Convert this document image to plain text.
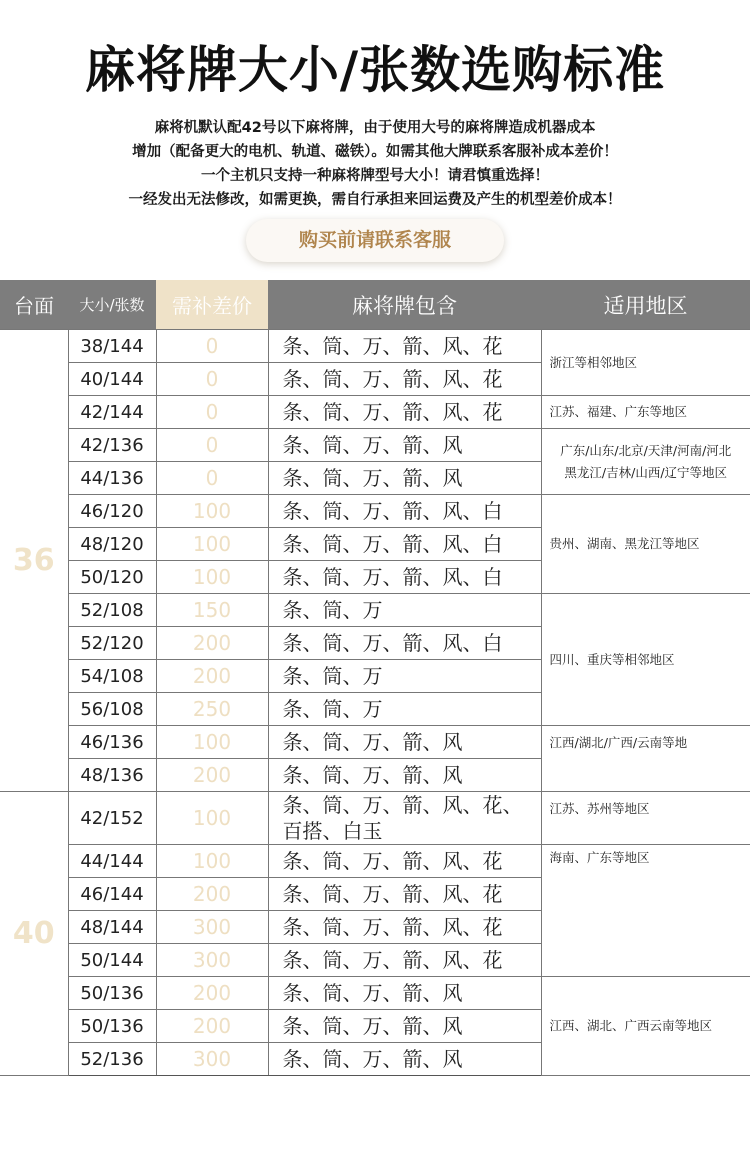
麻将牌大小/张数选购标准
麻将机默认配42号以下麻将牌，由于使用大号的麻将牌造成机器成本
增加（配备更大的电机、轨道、磁铁）。如需其他大牌联系客服补成本差价！
一个主机只支持一种麻将牌型号大小！请君慎重选择！
一经发出无法修改，如需更换，需自行承担来回运费及产生的机型差价成本！
购买前请联系客服
台面	大小/张数	需补差价	麻将牌包含	适用地区
36	38/144	0	条、筒、万、箭、风、花	浙江等相邻地区
	40/144	0	条、筒、万、箭、风、花	
	42/144	0	条、筒、万、箭、风、花	江苏、福建、广东等地区
	42/136	0	条、筒、万、箭、风	广东/山东/北京/天津/河南/河北
黑龙江/吉林/山西/辽宁等地区
	44/136	0	条、筒、万、箭、风	
	46/120	100	条、筒、万、箭、风、白	贵州、湖南、黑龙江等地区
	48/120	100	条、筒、万、箭、风、白	
	50/120	100	条、筒、万、箭、风、白	
	52/108	150	条、筒、万	四川、重庆等相邻地区
	52/120	200	条、筒、万、箭、风、白	
	54/108	200	条、筒、万	
	56/108	250	条、筒、万	
	46/136	100	条、筒、万、箭、风	江西/湖北/广西/云南等地
	48/136	200	条、筒、万、箭、风	
40	42/152	100	条、筒、万、箭、风、花、百搭、白玉	江苏、苏州等地区
	44/144	100	条、筒、万、箭、风、花	海南、广东等地区
	46/144	200	条、筒、万、箭、风、花	
	48/144	300	条、筒、万、箭、风、花	
	50/144	300	条、筒、万、箭、风、花	
	50/136	200	条、筒、万、箭、风	江西、湖北、广西云南等地区
	50/136	200	条、筒、万、箭、风	
	52/136	300	条、筒、万、箭、风	
